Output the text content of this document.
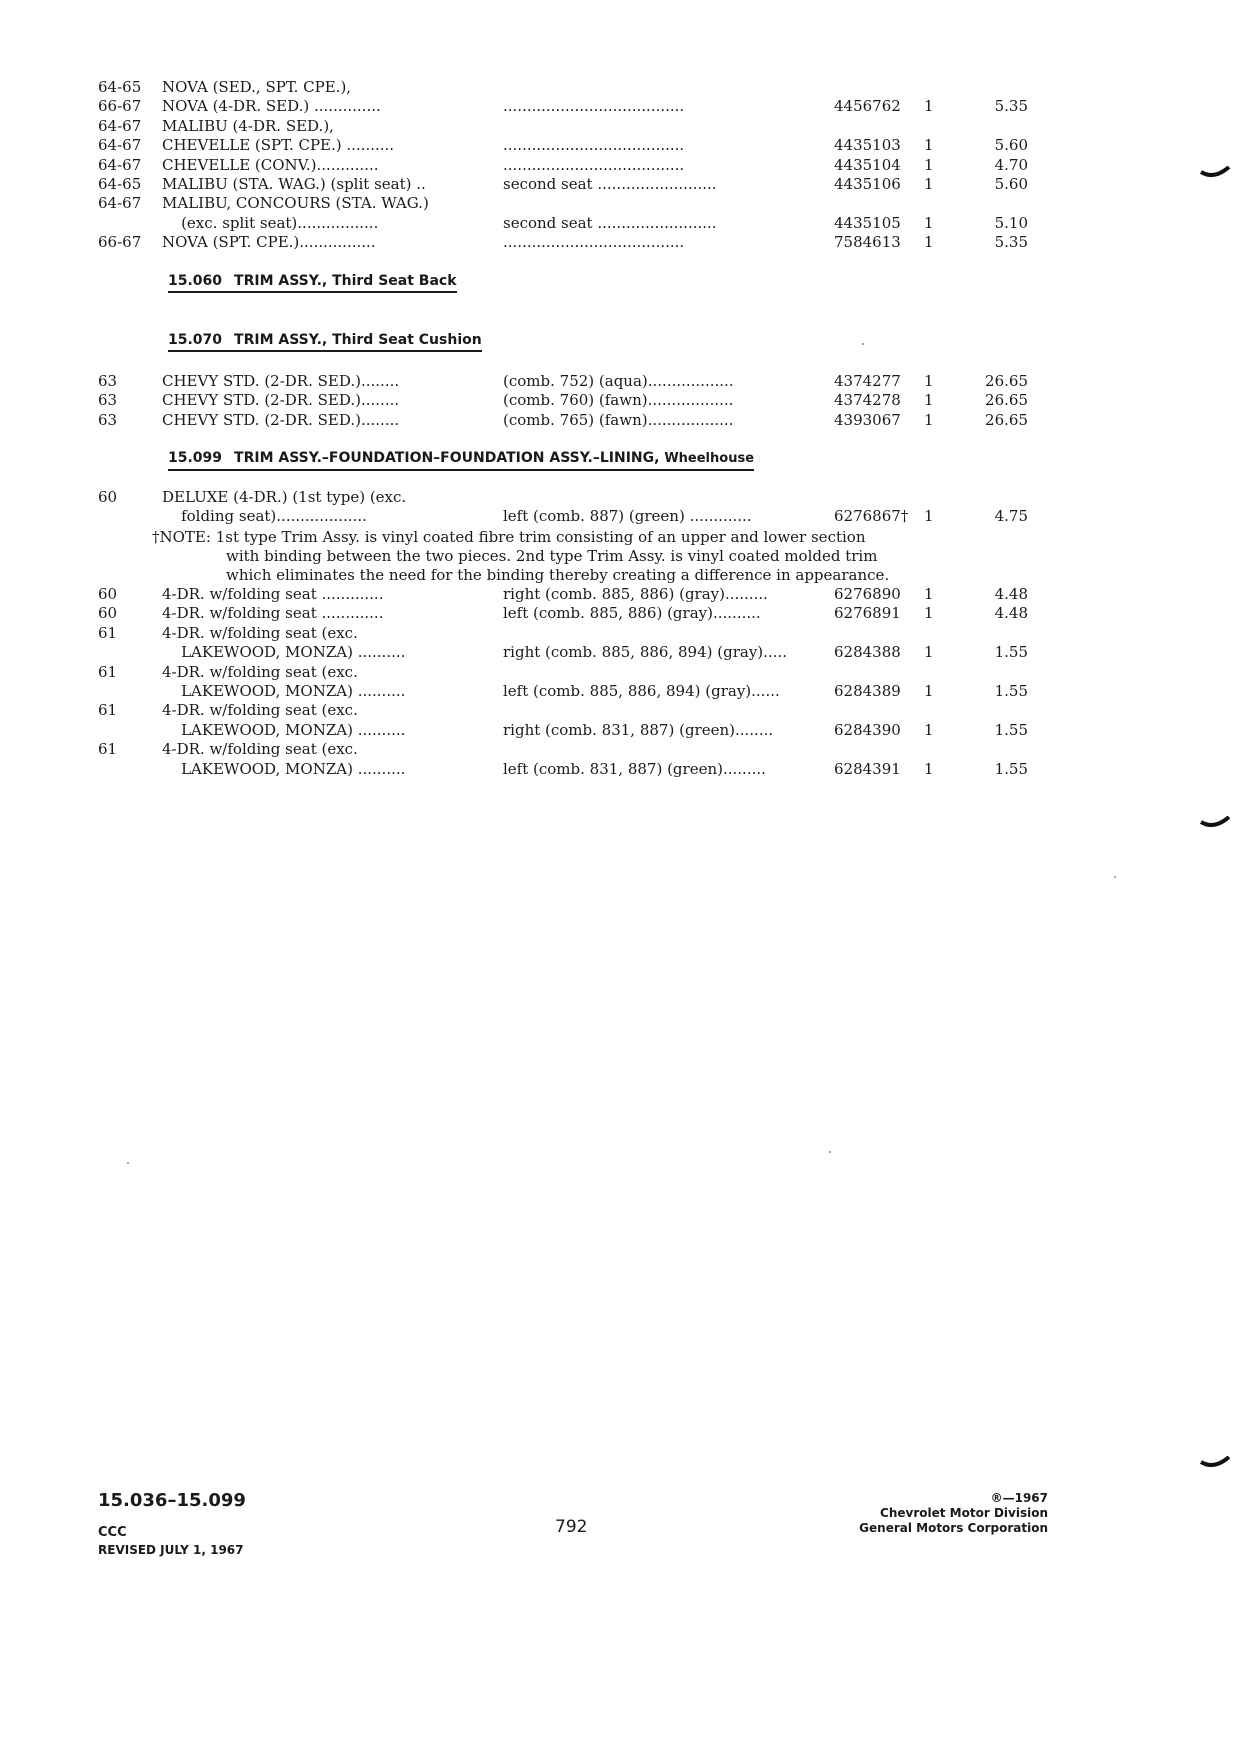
64-65 NOVA (SED., SPT. CPE.),
66-67 NOVA (4-DR. SED.) ..............	......................................	4456762 1	5.35
64-67 MALIBU (4-DR. SED.),
64-67 CHEVELLE (SPT. CPE.) ..........	......................................	4435103 1	5.60
64-67 CHEVELLE (CONV.).............	......................................	4435104 1	4.70
64-65 MALIBU (STA. WAG.) (split seat) ..	second seat .........................	4435106 1	5.60
64-67 MALIBU, CONCOURS (STA. WAG.)
(exc. split seat).................	second seat .........................	4435105 1	5.10
66-67 NOVA (SPT. CPE.)................	......................................	7584613 1	5.35
15.060 TRIM ASSY., Third Seat Back
15.070 TRIM ASSY., Third Seat Cushion
63	CHEVY STD. (2-DR. SED.)........	(comb. 752) (aqua)..................	4374277 1	26.65
63	CHEVY STD. (2-DR. SED.)........	(comb. 760) (fawn)..................	4374278 1	26.65
63	CHEVY STD. (2-DR. SED.)........	(comb. 765) (fawn)..................	4393067 1	26.65
15.099 TRIM ASSY.–FOUNDATION–FOUNDATION ASSY.–LINING, Wheelhouse
60	DELUXE (4-DR.) (1st type) (exc.
folding seat)...................	left (comb. 887) (green) .............	6276867† 1	4.75
†NOTE: 1st type Trim Assy. is vinyl coated fibre trim consisting of an upper and lower section
with binding between the two pieces. 2nd type Trim Assy. is vinyl coated molded trim
which eliminates the need for the binding thereby creating a difference in appearance.
60	4-DR. w/folding seat .............	right (comb. 885, 886) (gray).........	6276890 1	4.48
60	4-DR. w/folding seat .............	left (comb. 885, 886) (gray)..........	6276891 1	4.48
61	4-DR. w/folding seat (exc.
LAKEWOOD, MONZA) ..........	right (comb. 885, 886, 894) (gray).....	6284388 1	1.55
61	4-DR. w/folding seat (exc.
LAKEWOOD, MONZA) ..........	left (comb. 885, 886, 894) (gray)......	6284389 1	1.55
61	4-DR. w/folding seat (exc.
LAKEWOOD, MONZA) ..........	right (comb. 831, 887) (green)........	6284390 1	1.55
61	4-DR. w/folding seat (exc.
LAKEWOOD, MONZA) ..........	left (comb. 831, 887) (green).........	6284391 1	1.55
15.036–15.099
CCC
REVISED JULY 1, 1967
792
®—1967
Chevrolet Motor Division
General Motors Corporation
